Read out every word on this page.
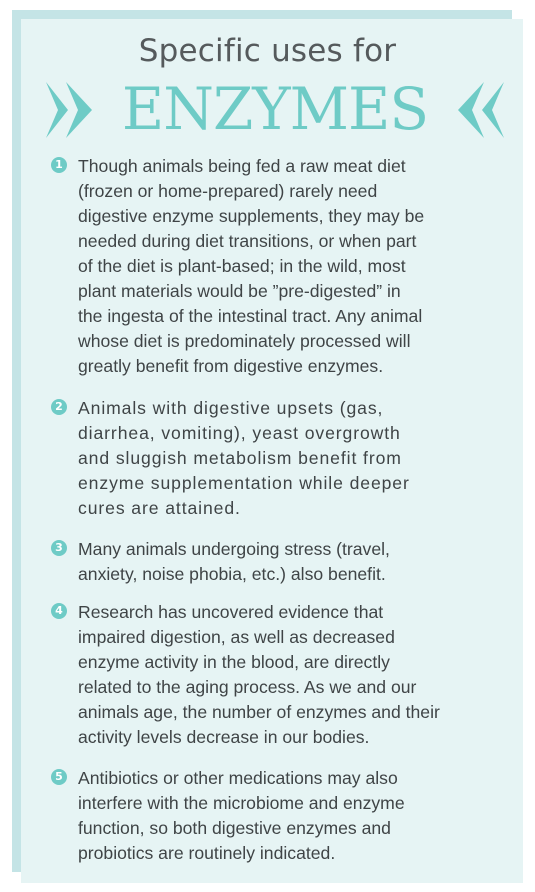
Specific uses for
ENZYMES
1 Though animals being fed a raw meat diet
(frozen or home-prepared) rarely need
digestive enzyme supplements, they may be
needed during diet transitions, or when part
of the diet is plant-based; in the wild, most
plant materials would be ”pre-digested” in
the ingesta of the intestinal tract. Any animal
whose diet is predominately processed will
greatly benefit from digestive enzymes.
2 Animals with digestive upsets (gas,
diarrhea, vomiting), yeast overgrowth
and sluggish metabolism benefit from
enzyme supplementation while deeper
cures are attained.
3 Many animals undergoing stress (travel,
anxiety, noise phobia, etc.) also benefit.
4 Research has uncovered evidence that
impaired digestion, as well as decreased
enzyme activity in the blood, are directly
related to the aging process. As we and our
animals age, the number of enzymes and their
activity levels decrease in our bodies.
5 Antibiotics or other medications may also
interfere with the microbiome and enzyme
function, so both digestive enzymes and
probiotics are routinely indicated.
